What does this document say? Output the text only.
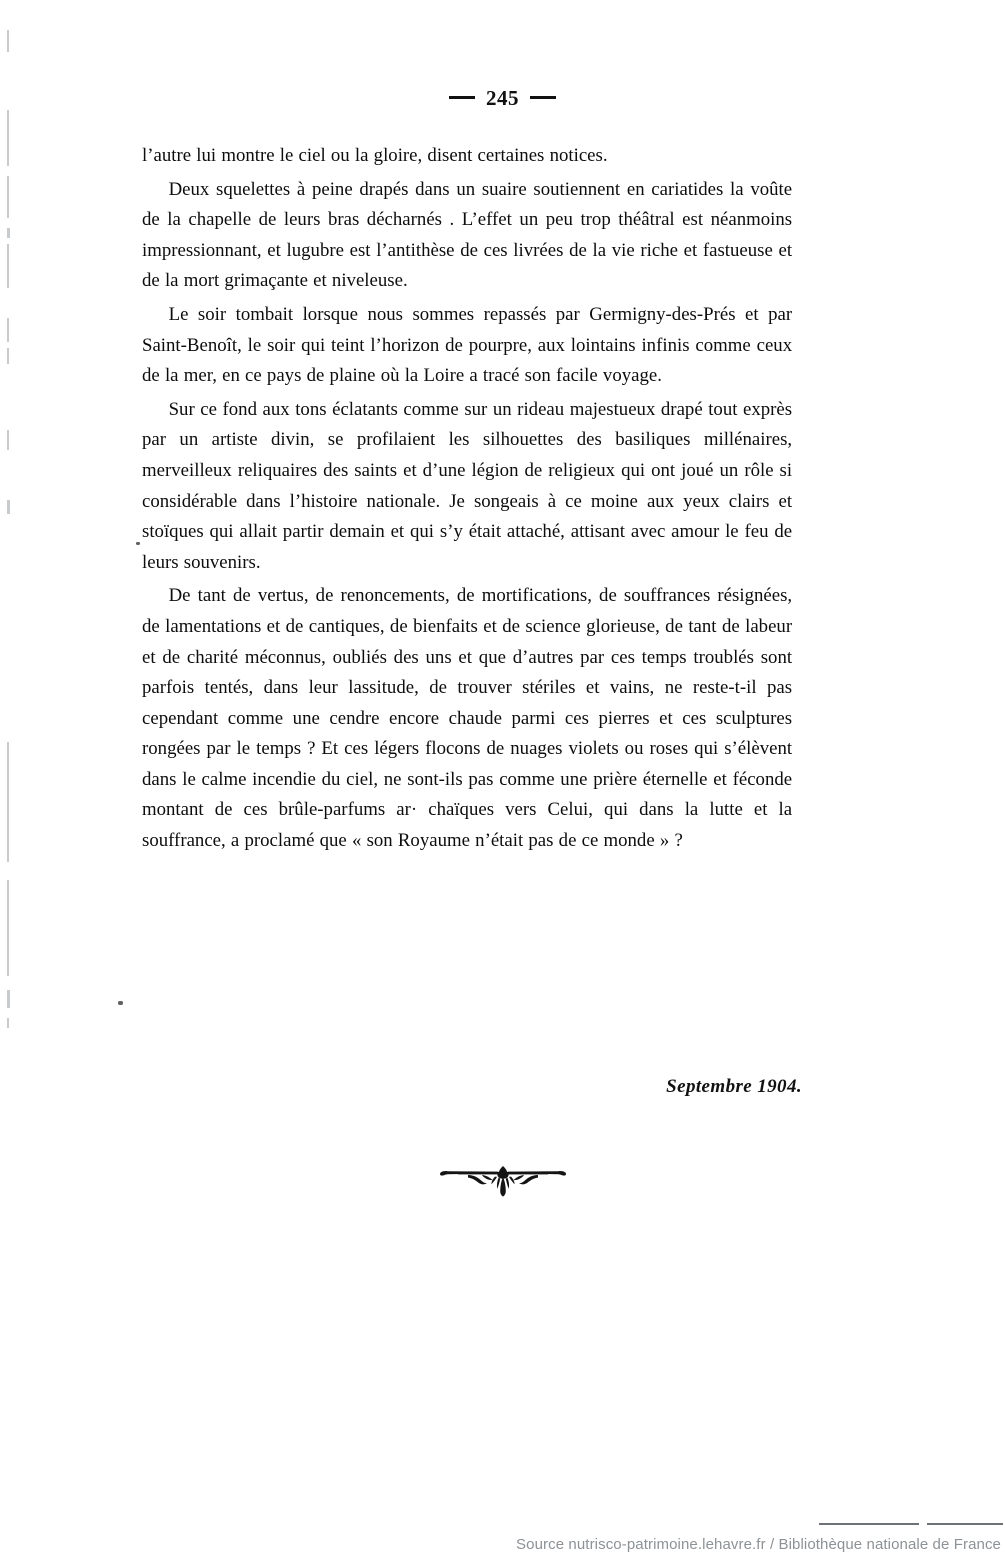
245

l’autre lui montre le ciel ou la gloire, disent certaines notices.

Deux squelettes à peine drapés dans un suaire soutiennent en cariatides la voûte de la chapelle de leurs bras décharnés . L’effet un peu trop théâtral est néanmoins impressionnant, et lugubre est l’antithèse de ces livrées de la vie riche et fastueuse et de la mort grimaçante et niveleuse.

Le soir tombait lorsque nous sommes repassés par Germigny-des-Prés et par Saint-Benoît, le soir qui teint l’horizon de pourpre, aux lointains infinis comme ceux de la mer, en ce pays de plaine où la Loire a tracé son facile voyage.

Sur ce fond aux tons éclatants comme sur un rideau majestueux drapé tout exprès par un artiste divin, se profilaient les silhouettes des basiliques millénaires, merveilleux reliquaires des saints et d’une légion de religieux qui ont joué un rôle si considérable dans l’histoire nationale. Je songeais à ce moine aux yeux clairs et stoïques qui allait partir demain et qui s’y était attaché, attisant avec amour le feu de leurs souvenirs.

De tant de vertus, de renoncements, de mortifications, de souffrances résignées, de lamentations et de cantiques, de bienfaits et de science glorieuse, de tant de labeur et de charité méconnus, oubliés des uns et que d’autres par ces temps troublés sont parfois tentés, dans leur lassitude, de trouver stériles et vains, ne reste-t-il pas cependant comme une cendre encore chaude parmi ces pierres et ces sculptures rongées par le temps ? Et ces légers flocons de nuages violets ou roses qui s’élèvent dans le calme incendie du ciel, ne sont-ils pas comme une prière éternelle et féconde montant de ces brûle-parfums ar· chaïques vers Celui, qui dans la lutte et la souffrance, a proclamé que « son Royaume n’était pas de ce monde » ?

Septembre 1904.
Source nutrisco-patrimoine.lehavre.fr / Bibliothèque nationale de France
